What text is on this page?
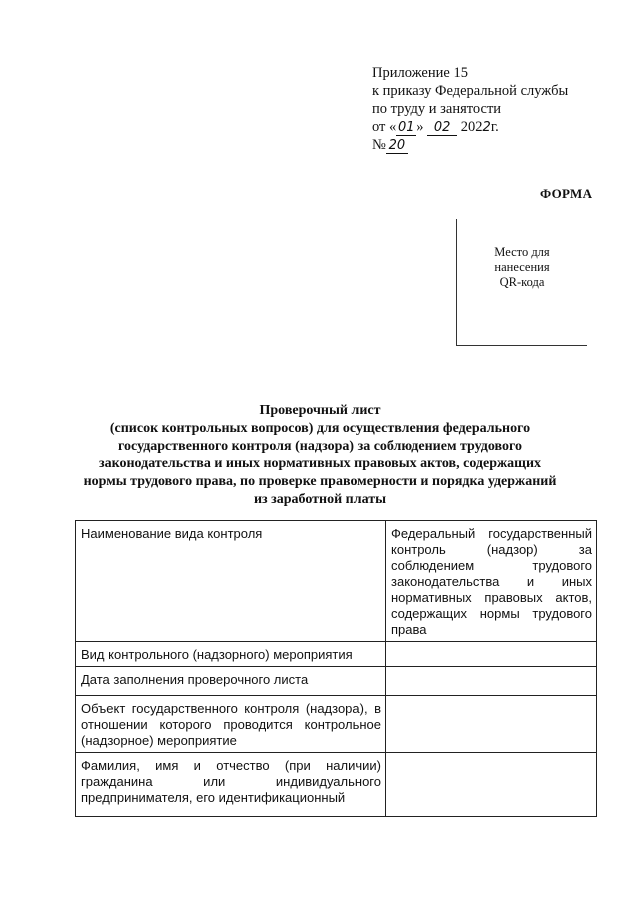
Приложение 15
к приказу Федеральной службы
по труду и занятости
от « 01 » 02 2022г.
№ 20
ФОРМА
Место для
нанесения
QR-кода
Проверочный лист
(список контрольных вопросов) для осуществления федерального
государственного контроля (надзора) за соблюдением трудового
законодательства и иных нормативных правовых актов, содержащих
нормы трудового права, по проверке правомерности и порядка удержаний
из заработной платы
Наименование вида контроля	Федеральный государственный контроль (надзор) за соблюдением трудового законодательства и иных нормативных правовых актов, содержащих нормы трудового права
Вид контрольного (надзорного) мероприятия	
Дата заполнения проверочного листа	
Объект государственного контроля (надзора), в отношении которого проводится контрольное (надзорное) мероприятие	
Фамилия, имя и отчество (при наличии) гражданина или индивидуального предпринимателя, его идентификационный	
